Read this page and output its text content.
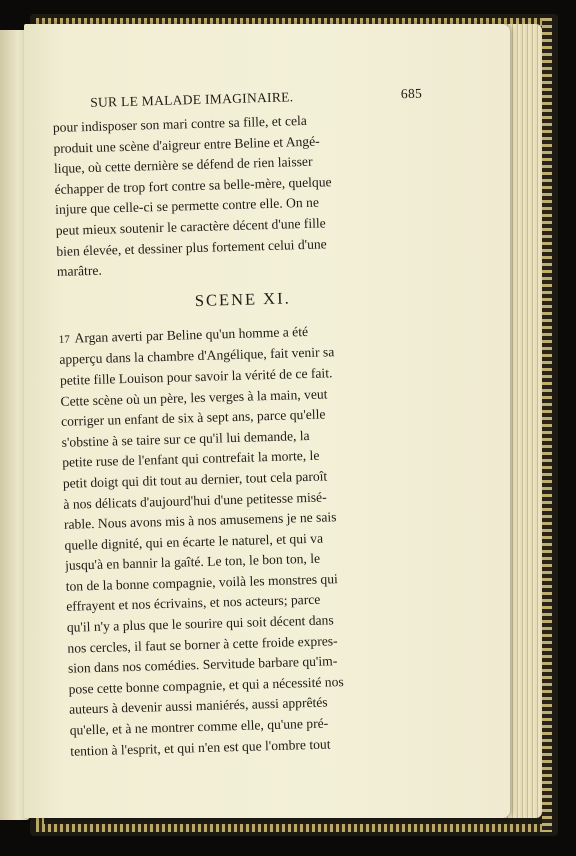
SUR LE MALADE IMAGINAIRE.	685

pour indisposer son mari contre sa fille, et cela
produit une scène d'aigreur entre Beline et Angé-
lique, où cette dernière se défend de rien laisser
échapper de trop fort contre sa belle-mère, quelque
injure que celle-ci se permette contre elle. On ne
peut mieux soutenir le caractère décent d'une fille
bien élevée, et dessiner plus fortement celui d'une
marâtre.

SCENE XI.

17 Argan averti par Beline qu'un homme a été
apperçu dans la chambre d'Angélique, fait venir sa
petite fille Louison pour savoir la vérité de ce fait.
Cette scène où un père, les verges à la main, veut
corriger un enfant de six à sept ans, parce qu'elle
s'obstine à se taire sur ce qu'il lui demande, la
petite ruse de l'enfant qui contrefait la morte, le
petit doigt qui dit tout au dernier, tout cela paroît
à nos délicats d'aujourd'hui d'une petitesse misé-
rable. Nous avons mis à nos amusemens je ne sais
quelle dignité, qui en écarte le naturel, et qui va
jusqu'à en bannir la gaîté. Le ton, le bon ton, le
ton de la bonne compagnie, voilà les monstres qui
effrayent et nos écrivains, et nos acteurs; parce
qu'il n'y a plus que le sourire qui soit décent dans
nos cercles, il faut se borner à cette froide expres-
sion dans nos comédies. Servitude barbare qu'im-
pose cette bonne compagnie, et qui a nécessité nos
auteurs à devenir aussi maniérés, aussi apprêtés
qu'elle, et à ne montrer comme elle, qu'une pré-
tention à l'esprit, et qui n'en est que l'ombre tout
